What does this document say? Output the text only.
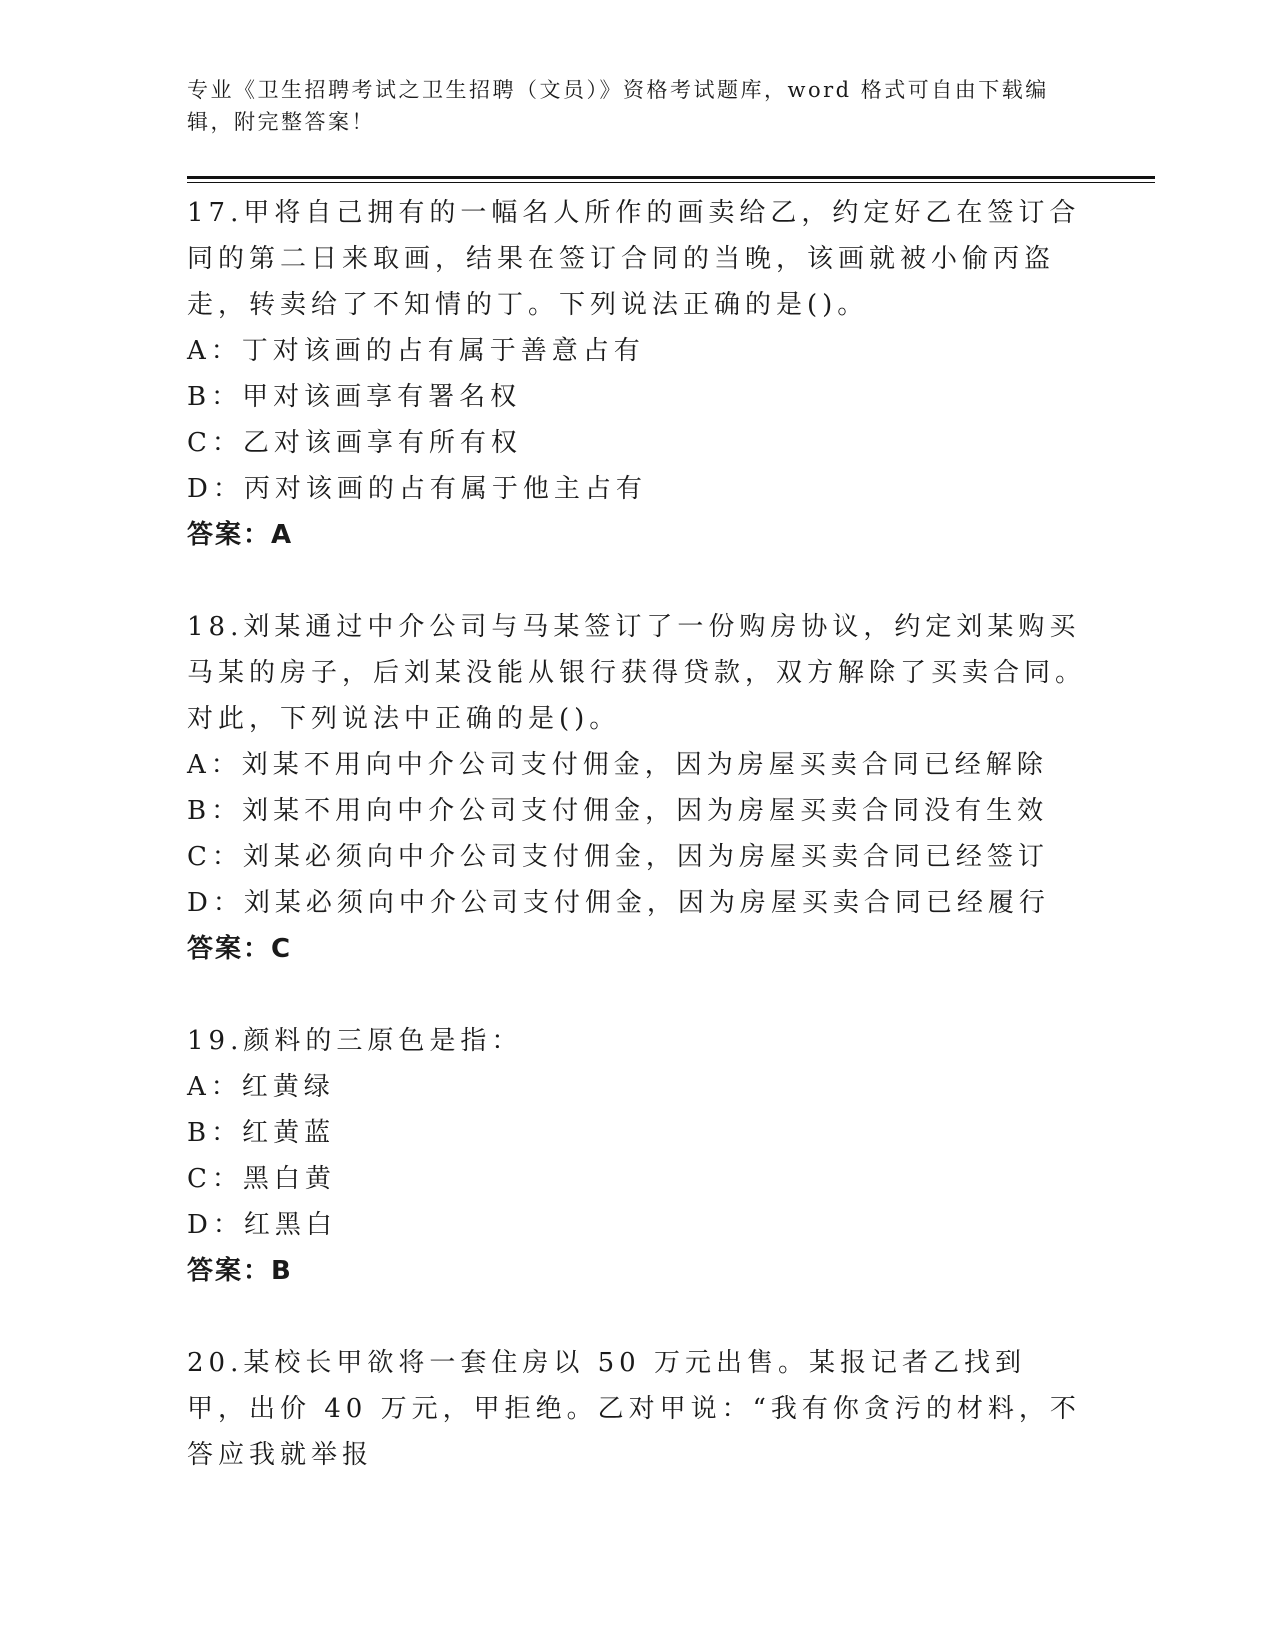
专业《卫生招聘考试之卫生招聘（文员）》资格考试题库，word 格式可自由下载编辑，附完整答案！
17.甲将自己拥有的一幅名人所作的画卖给乙，约定好乙在签订合同的第二日来取画，结果在签订合同的当晚，该画就被小偷丙盗走，转卖给了不知情的丁。下列说法正确的是()。
A：丁对该画的占有属于善意占有
B：甲对该画享有署名权
C：乙对该画享有所有权
D：丙对该画的占有属于他主占有
答案：A
18.刘某通过中介公司与马某签订了一份购房协议，约定刘某购买马某的房子，后刘某没能从银行获得贷款，双方解除了买卖合同。对此，下列说法中正确的是()。
A：刘某不用向中介公司支付佣金，因为房屋买卖合同已经解除
B：刘某不用向中介公司支付佣金，因为房屋买卖合同没有生效
C：刘某必须向中介公司支付佣金，因为房屋买卖合同已经签订
D：刘某必须向中介公司支付佣金，因为房屋买卖合同已经履行
答案：C
19.颜料的三原色是指：
A：红黄绿
B：红黄蓝
C：黑白黄
D：红黑白
答案：B
20.某校长甲欲将一套住房以 50 万元出售。某报记者乙找到甲，出价 40 万元，甲拒绝。乙对甲说：“我有你贪污的材料，不答应我就举报
